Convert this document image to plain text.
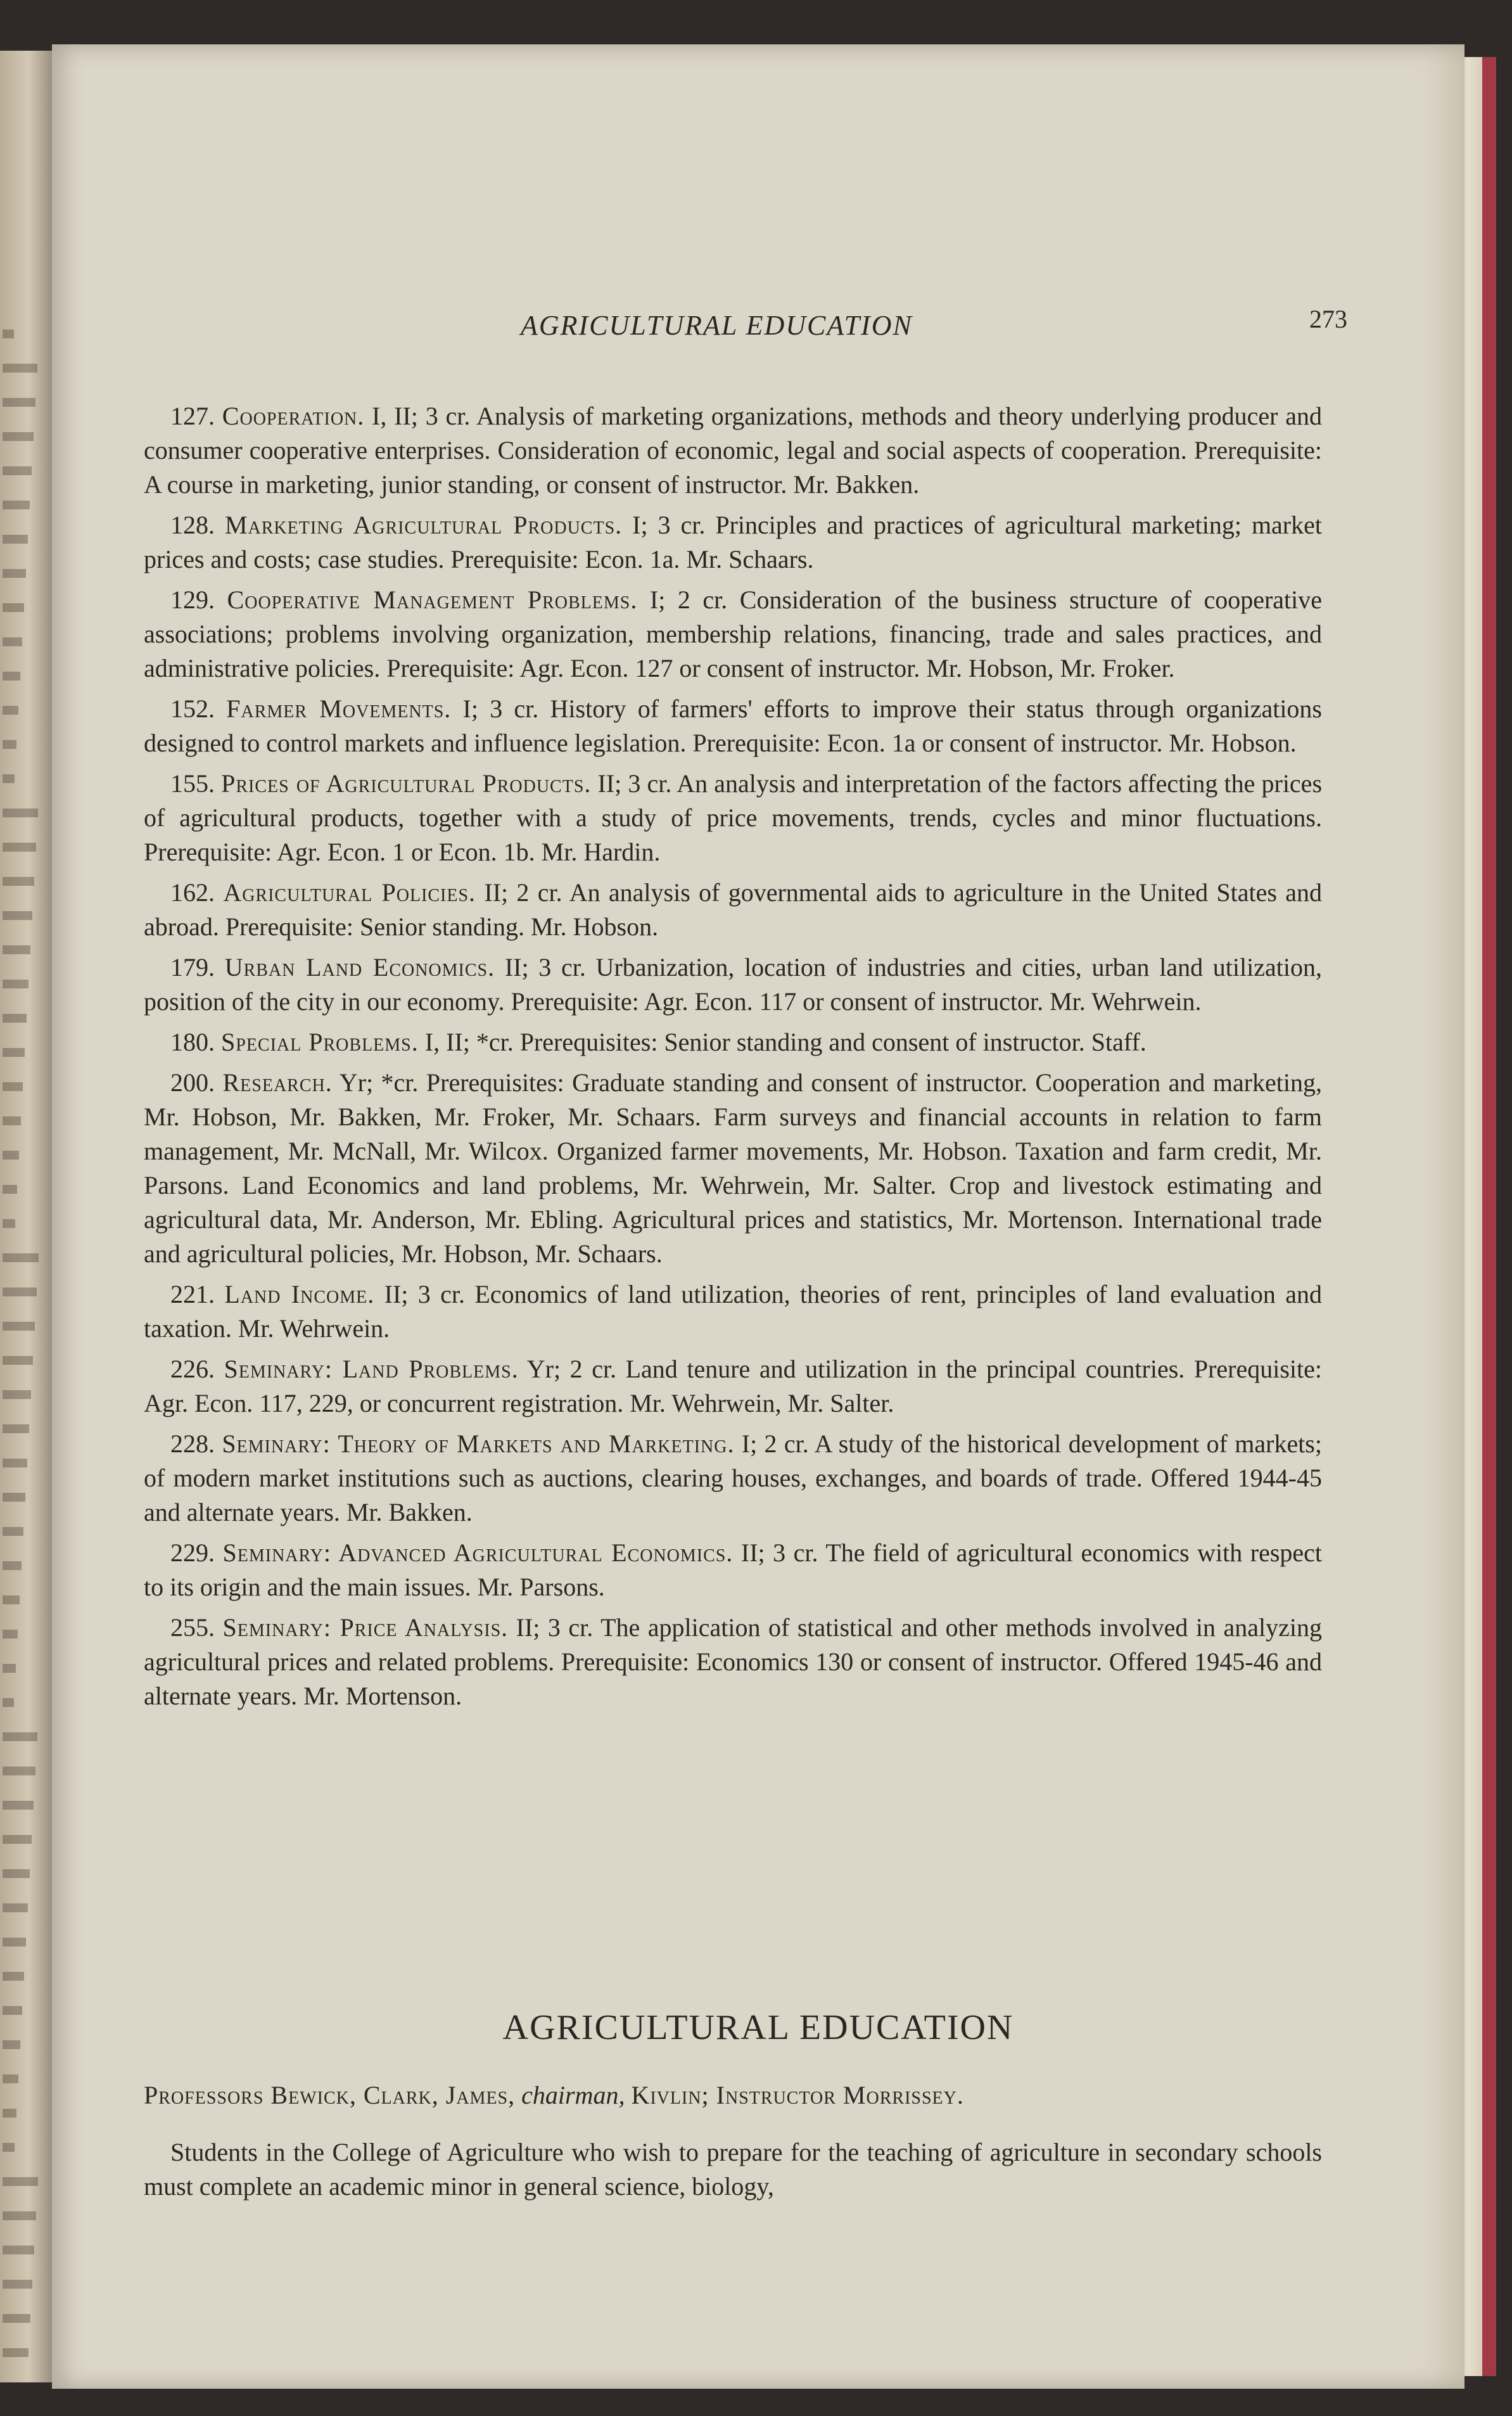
AGRICULTURAL EDUCATION	273

127. Cooperation. I, II; 3 cr. Analysis of marketing organizations, methods and theory underlying producer and consumer cooperative enterprises. Consideration of economic, legal and social aspects of cooperation. Prerequisite: A course in marketing, junior standing, or consent of instructor. Mr. Bakken.

128. Marketing Agricultural Products. I; 3 cr. Principles and practices of agricultural marketing; market prices and costs; case studies. Prerequisite: Econ. 1a. Mr. Schaars.

129. Cooperative Management Problems. I; 2 cr. Consideration of the business structure of cooperative associations; problems involving organization, membership relations, financing, trade and sales practices, and administrative policies. Prerequisite: Agr. Econ. 127 or consent of instructor. Mr. Hobson, Mr. Froker.

152. Farmer Movements. I; 3 cr. History of farmers' efforts to improve their status through organizations designed to control markets and influence legislation. Prerequisite: Econ. 1a or consent of instructor. Mr. Hobson.

155. Prices of Agricultural Products. II; 3 cr. An analysis and interpretation of the factors affecting the prices of agricultural products, together with a study of price movements, trends, cycles and minor fluctuations. Prerequisite: Agr. Econ. 1 or Econ. 1b. Mr. Hardin.

162. Agricultural Policies. II; 2 cr. An analysis of governmental aids to agriculture in the United States and abroad. Prerequisite: Senior standing. Mr. Hobson.

179. Urban Land Economics. II; 3 cr. Urbanization, location of industries and cities, urban land utilization, position of the city in our economy. Prerequisite: Agr. Econ. 117 or consent of instructor. Mr. Wehrwein.

180. Special Problems. I, II; *cr. Prerequisites: Senior standing and consent of instructor. Staff.

200. Research. Yr; *cr. Prerequisites: Graduate standing and consent of instructor. Cooperation and marketing, Mr. Hobson, Mr. Bakken, Mr. Froker, Mr. Schaars. Farm surveys and financial accounts in relation to farm management, Mr. McNall, Mr. Wilcox. Organized farmer movements, Mr. Hobson. Taxation and farm credit, Mr. Parsons. Land Economics and land problems, Mr. Wehrwein, Mr. Salter. Crop and livestock estimating and agricultural data, Mr. Anderson, Mr. Ebling. Agricultural prices and statistics, Mr. Mortenson. International trade and agricultural policies, Mr. Hobson, Mr. Schaars.

221. Land Income. II; 3 cr. Economics of land utilization, theories of rent, principles of land evaluation and taxation. Mr. Wehrwein.

226. Seminary: Land Problems. Yr; 2 cr. Land tenure and utilization in the principal countries. Prerequisite: Agr. Econ. 117, 229, or concurrent registration. Mr. Wehrwein, Mr. Salter.

228. Seminary: Theory of Markets and Marketing. I; 2 cr. A study of the historical development of markets; of modern market institutions such as auctions, clearing houses, exchanges, and boards of trade. Offered 1944-45 and alternate years. Mr. Bakken.

229. Seminary: Advanced Agricultural Economics. II; 3 cr. The field of agricultural economics with respect to its origin and the main issues. Mr. Parsons.

255. Seminary: Price Analysis. II; 3 cr. The application of statistical and other methods involved in analyzing agricultural prices and related problems. Prerequisite: Economics 130 or consent of instructor. Offered 1945-46 and alternate years. Mr. Mortenson.

AGRICULTURAL EDUCATION
Professors Bewick, Clark, James, chairman, Kivlin; Instructor Morrissey.
Students in the College of Agriculture who wish to prepare for the teaching of agriculture in secondary schools must complete an academic minor in general science, biology,
